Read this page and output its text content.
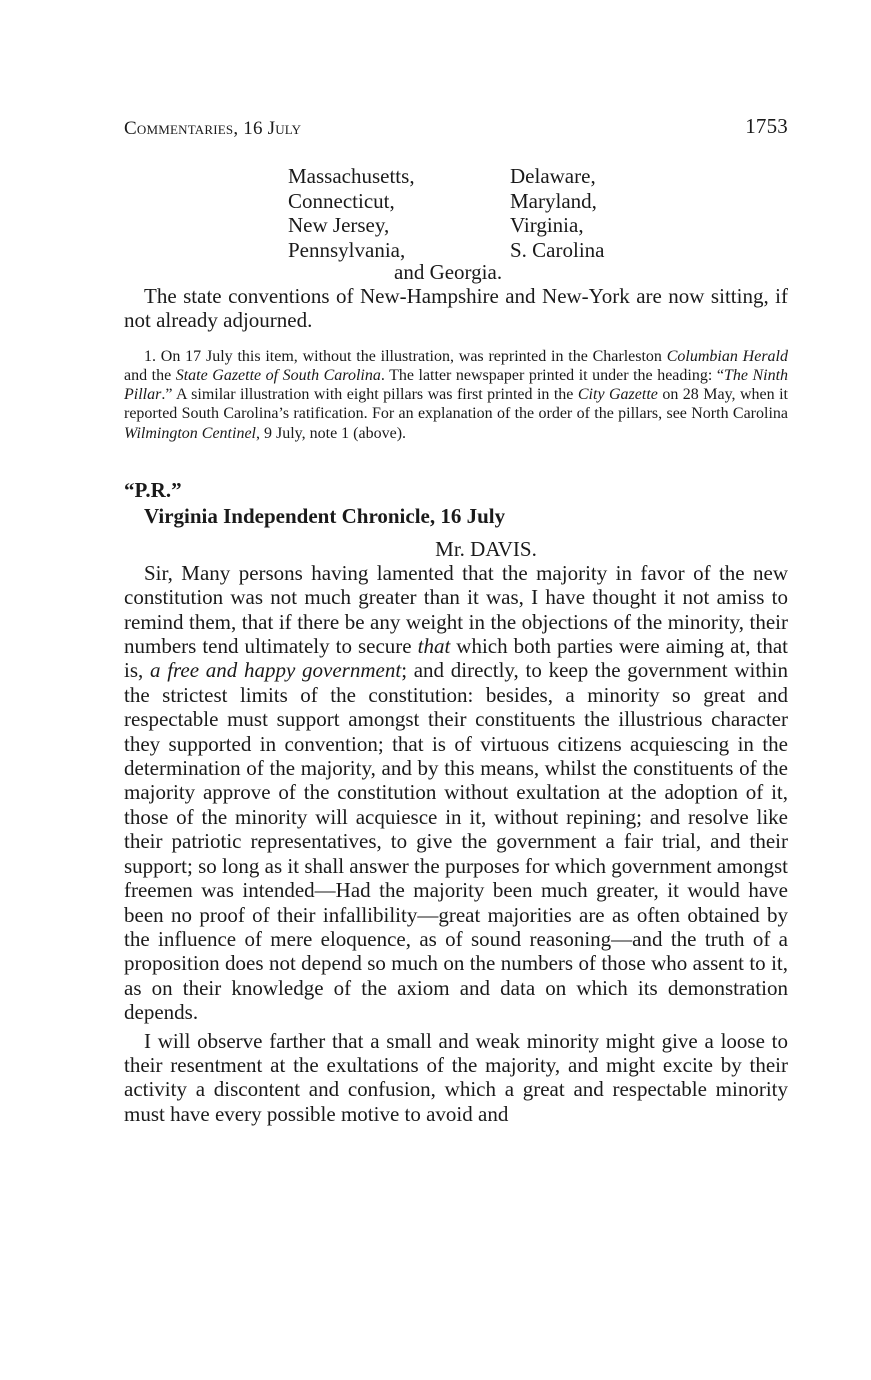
Commentaries, 16 July	1753
Massachusetts,
Connecticut,
New Jersey,
Pennsylvania,
Delaware,
Maryland,
Virginia,
S. Carolina
and Georgia.

The state conventions of New-Hampshire and New-York are now sitting, if not already adjourned.

1. On 17 July this item, without the illustration, was reprinted in the Charleston Columbian Herald and the State Gazette of South Carolina. The latter newspaper printed it under the heading: “The Ninth Pillar.” A similar illustration with eight pillars was first printed in the City Gazette on 28 May, when it reported South Carolina’s ratification. For an explanation of the order of the pillars, see North Carolina Wilmington Centinel, 9 July, note 1 (above).

“P.R.”
Virginia Independent Chronicle, 16 July
Mr. DAVIS.

Sir, Many persons having lamented that the majority in favor of the new constitution was not much greater than it was, I have thought it not amiss to remind them, that if there be any weight in the objections of the minority, their numbers tend ultimately to secure that which both parties were aiming at, that is, a free and happy government; and directly, to keep the government within the strictest limits of the constitution: besides, a minority so great and respectable must support amongst their constituents the illustrious character they supported in convention; that is of virtuous citizens acquiescing in the determination of the majority, and by this means, whilst the constituents of the majority approve of the constitution without exultation at the adoption of it, those of the minority will acquiesce in it, without repining; and resolve like their patriotic representatives, to give the government a fair trial, and their support; so long as it shall answer the purposes for which government amongst freemen was intended—Had the majority been much greater, it would have been no proof of their infallibility—great majorities are as often obtained by the influence of mere eloquence, as of sound reasoning—and the truth of a proposition does not depend so much on the numbers of those who assent to it, as on their knowledge of the axiom and data on which its demonstration depends.

I will observe farther that a small and weak minority might give a loose to their resentment at the exultations of the majority, and might excite by their activity a discontent and confusion, which a great and respectable minority must have every possible motive to avoid and
